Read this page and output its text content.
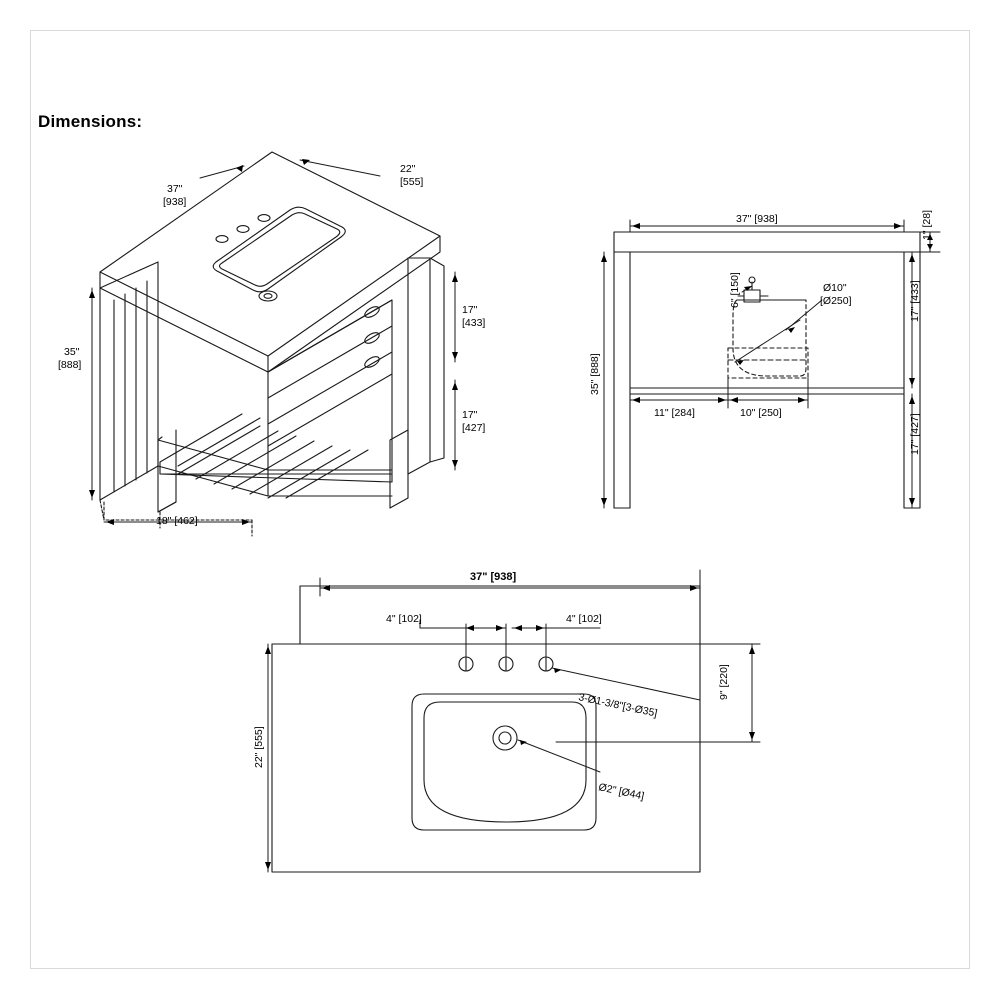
Dimensions:
22"
[555]
37"
[938]
35"
[888]
17"
[433]
17"
[427]
18" [462]
37" [938]	1" [28]
6" [150]	Ø10"
[Ø250]	17" [433]
17" [427]
35" [888]
11" [284]	10" [250]
37" [938]
4" [102]	4" [102]
3-Ø1-3/8"[3-Ø35]
9" [220]
22" [555]
Ø2" [Ø44]
